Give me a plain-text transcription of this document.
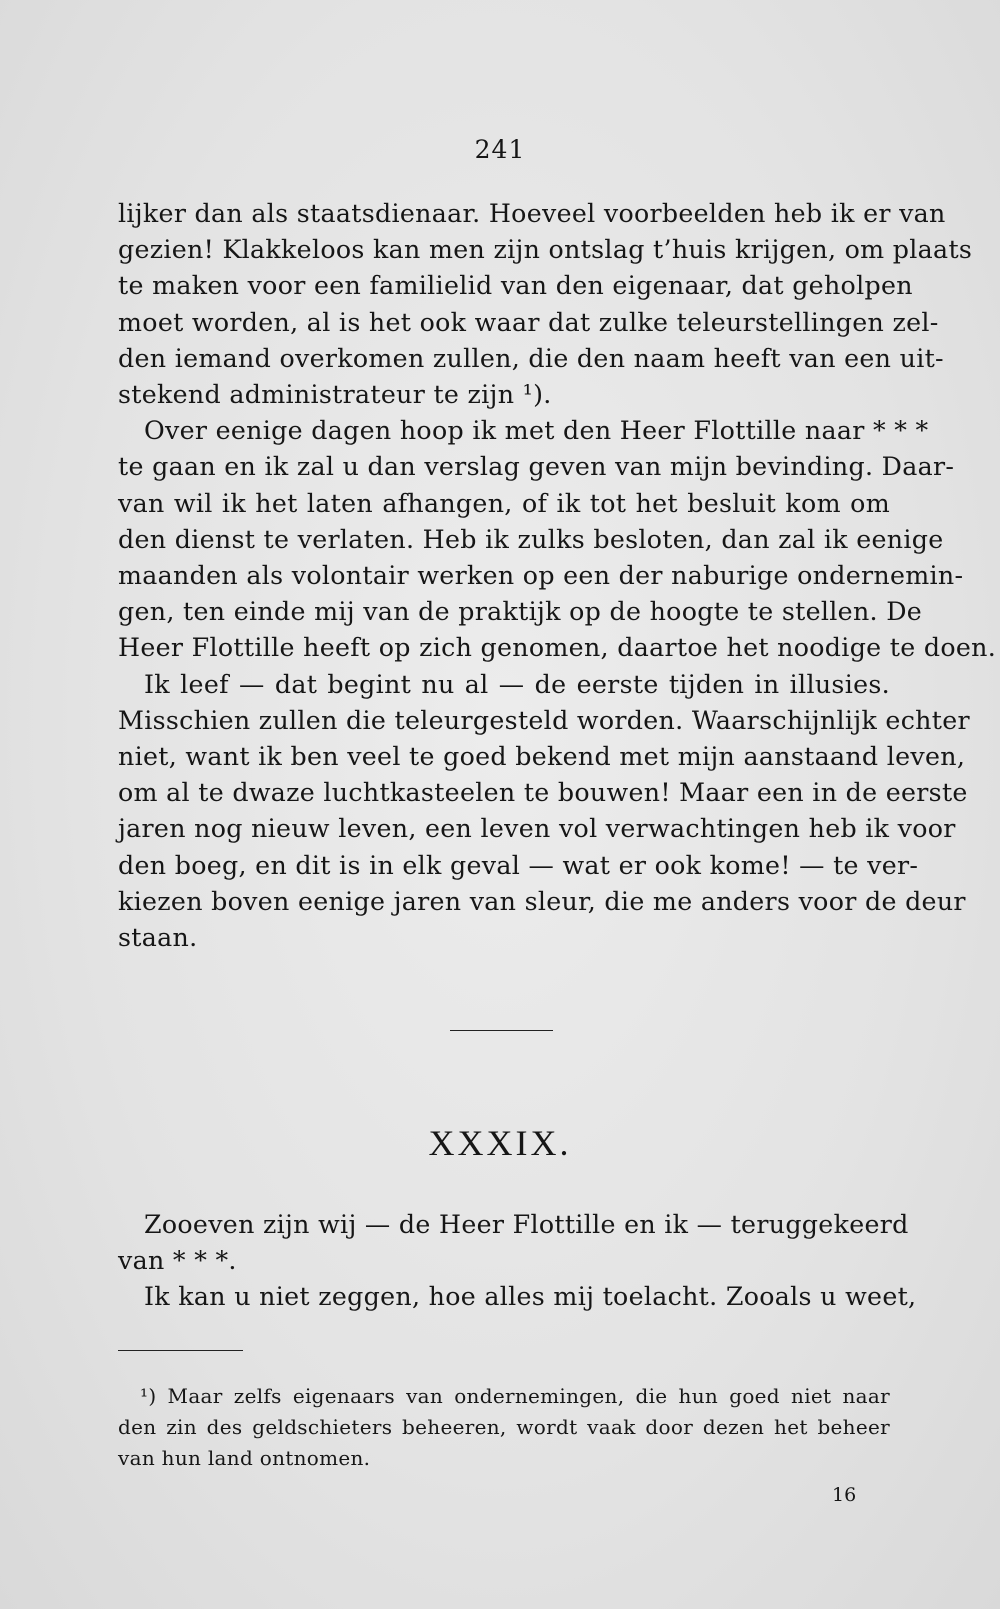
241
lijker dan als staatsdienaar. Hoeveel voorbeelden heb ik er van
gezien! Klakkeloos kan men zijn ontslag t’huis krijgen, om plaats
te maken voor een familielid van den eigenaar, dat geholpen
moet worden, al is het ook waar dat zulke teleurstellingen zel-
den iemand overkomen zullen, die den naam heeft van een uit-
stekend administrateur te zijn ¹).
Over eenige dagen hoop ik met den Heer Flottille naar * * *
te gaan en ik zal u dan verslag geven van mijn bevinding. Daar-
van wil ik het laten afhangen, of ik tot het besluit kom om
den dienst te verlaten. Heb ik zulks besloten, dan zal ik eenige
maanden als volontair werken op een der naburige ondernemin-
gen, ten einde mij van de praktijk op de hoogte te stellen. De
Heer Flottille heeft op zich genomen, daartoe het noodige te doen.
Ik leef — dat begint nu al — de eerste tijden in illusies.
Misschien zullen die teleurgesteld worden. Waarschijnlijk echter
niet, want ik ben veel te goed bekend met mijn aanstaand leven,
om al te dwaze luchtkasteelen te bouwen! Maar een in de eerste
jaren nog nieuw leven, een leven vol verwachtingen heb ik voor
den boeg, en dit is in elk geval — wat er ook kome! — te ver-
kiezen boven eenige jaren van sleur, die me anders voor de deur
staan.
XXXIX.
Zooeven zijn wij — de Heer Flottille en ik — teruggekeerd
van * * *.
Ik kan u niet zeggen, hoe alles mij toelacht. Zooals u weet,
¹) Maar zelfs eigenaars van ondernemingen, die hun goed niet naar
den zin des geldschieters beheeren, wordt vaak door dezen het beheer
van hun land ontnomen.
16
